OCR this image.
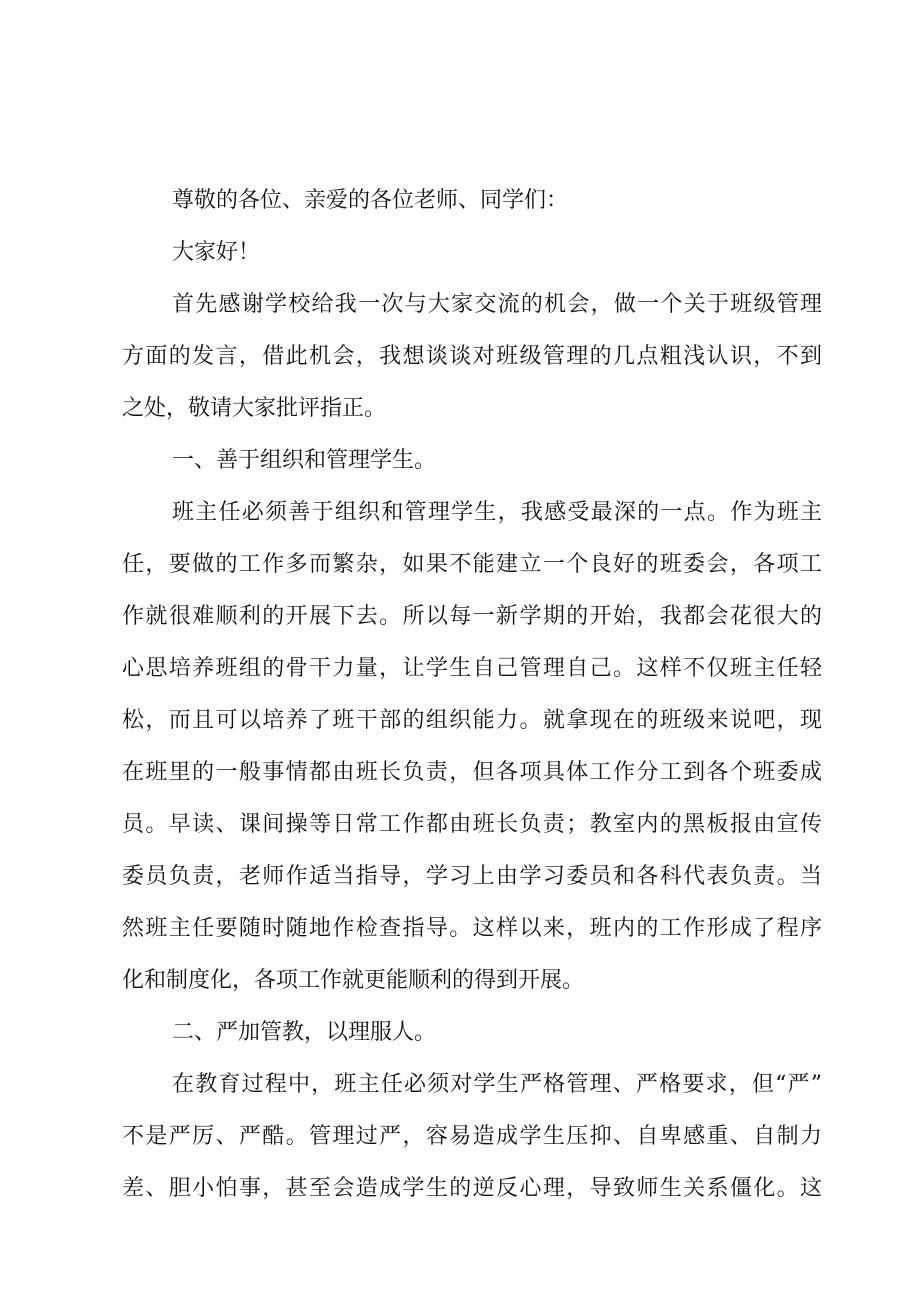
尊敬的各位、亲爱的各位老师、同学们：
大家好！
首先感谢学校给我一次与大家交流的机会，做一个关于班级管理
方面的发言，借此机会，我想谈谈对班级管理的几点粗浅认识，不到
之处，敬请大家批评指正。
一、善于组织和管理学生。
班主任必须善于组织和管理学生，我感受最深的一点。作为班主
任，要做的工作多而繁杂，如果不能建立一个良好的班委会，各项工
作就很难顺利的开展下去。所以每一新学期的开始，我都会花很大的
心思培养班组的骨干力量，让学生自己管理自己。这样不仅班主任轻
松，而且可以培养了班干部的组织能力。就拿现在的班级来说吧，现
在班里的一般事情都由班长负责，但各项具体工作分工到各个班委成
员。早读、课间操等日常工作都由班长负责；教室内的黑板报由宣传
委员负责，老师作适当指导，学习上由学习委员和各科代表负责。当
然班主任要随时随地作检查指导。这样以来，班内的工作形成了程序
化和制度化，各项工作就更能顺利的得到开展。
二、严加管教，以理服人。
在教育过程中，班主任必须对学生严格管理、严格要求，但“严”
不是严厉、严酷。管理过严，容易造成学生压抑、自卑感重、自制力
差、胆小怕事，甚至会造成学生的逆反心理，导致师生关系僵化。这
